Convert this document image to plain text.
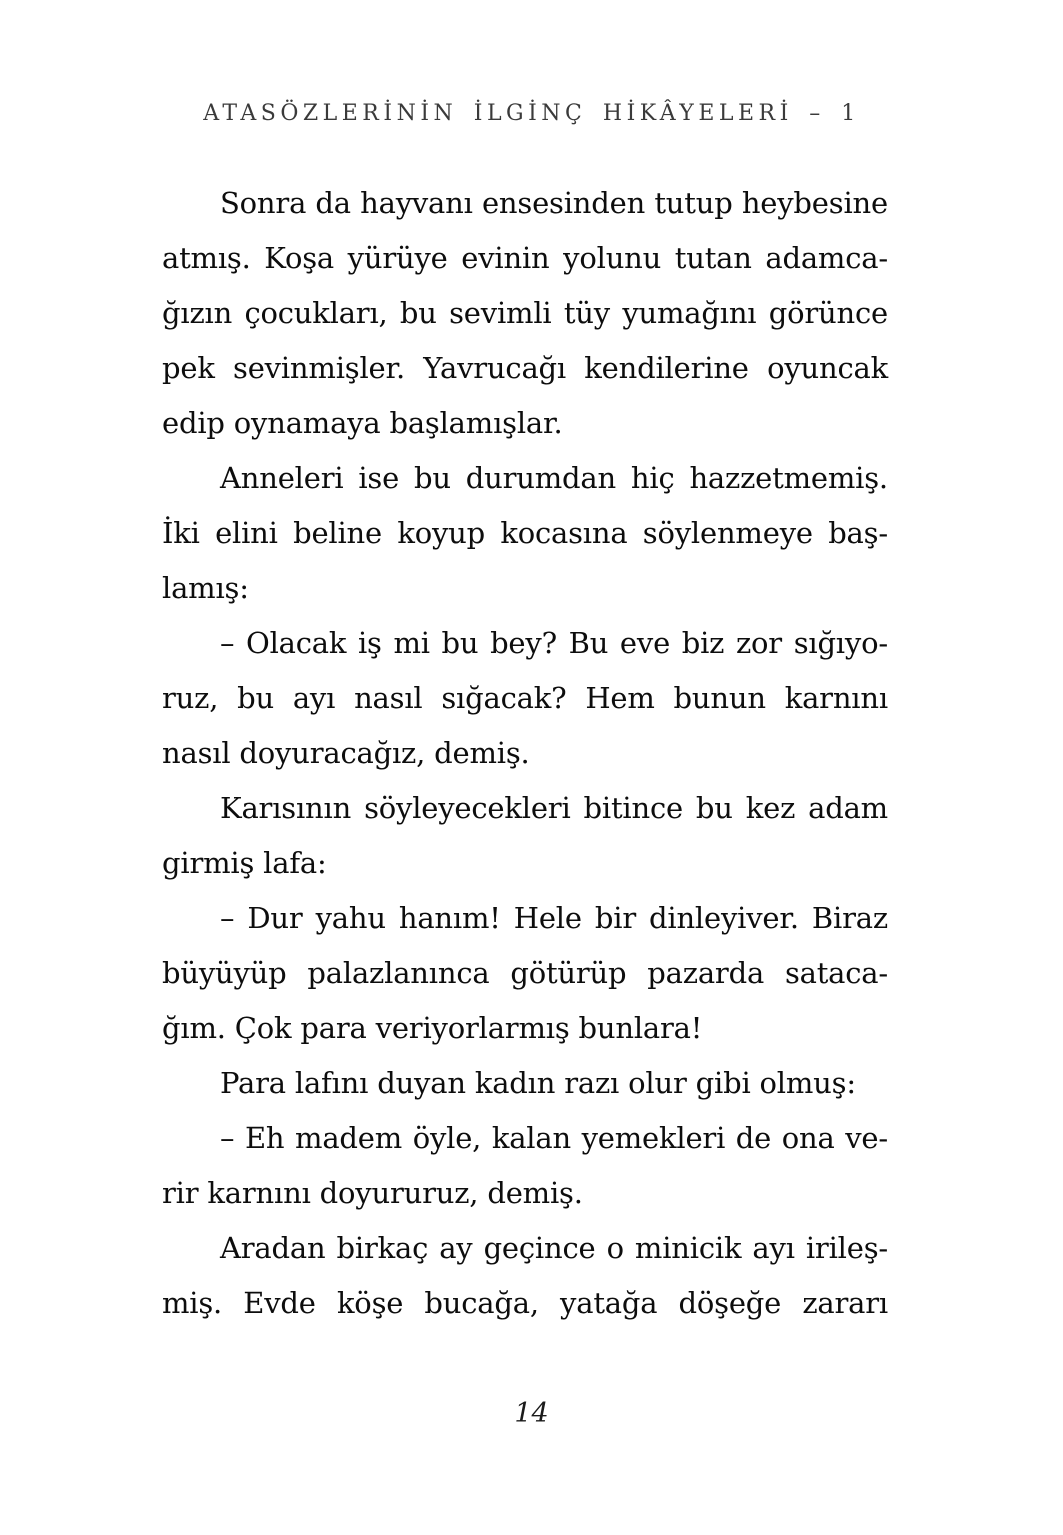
ATASÖZLERİNİN İLGİNÇ HİKÂYELERİ – 1
Sonra da hayvanı ensesinden tutup heybesine
atmış. Koşa yürüye evinin yolunu tutan adamca-
ğızın çocukları, bu sevimli tüy yumağını görünce
pek sevinmişler. Yavrucağı kendilerine oyuncak
edip oynamaya başlamışlar.
Anneleri ise bu durumdan hiç hazzetmemiş.
İki elini beline koyup kocasına söylenmeye baş-
lamış:
– Olacak iş mi bu bey? Bu eve biz zor sığıyo-
ruz, bu ayı nasıl sığacak? Hem bunun karnını
nasıl doyuracağız, demiş.
Karısının söyleyecekleri bitince bu kez adam
girmiş lafa:
– Dur yahu hanım! Hele bir dinleyiver. Biraz
büyüyüp palazlanınca götürüp pazarda sataca-
ğım. Çok para veriyorlarmış bunlara!
Para lafını duyan kadın razı olur gibi olmuş:
– Eh madem öyle, kalan yemekleri de ona ve-
rir karnını doyururuz, demiş.
Aradan birkaç ay geçince o minicik ayı irileş-
miş. Evde köşe bucağa, yatağa döşeğe zararı
14
